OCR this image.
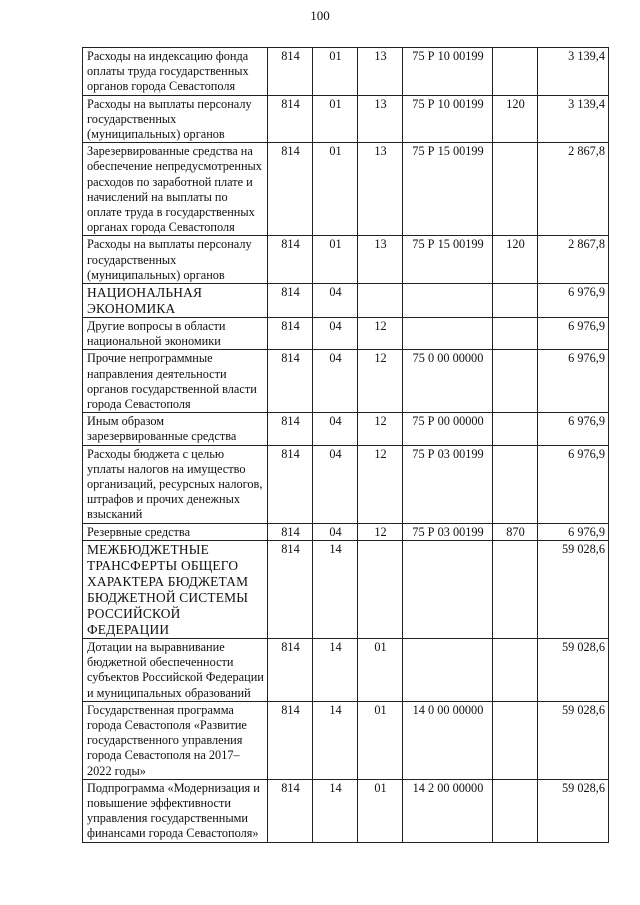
100
Расходы на индексацию фонда оплаты труда государственных органов города Севастополя	814	01	13	75 Р 10 00199		3 139,4
Расходы на выплаты персоналу государственных (муниципальных) органов	814	01	13	75 Р 10 00199	120	3 139,4
Зарезервированные средства на обеспечение непредусмотренных расходов по заработной плате и начислений на выплаты по оплате труда в государственных органах города Севастополя	814	01	13	75 Р 15 00199		2 867,8
Расходы на выплаты персоналу государственных (муниципальных) органов	814	01	13	75 Р 15 00199	120	2 867,8
НАЦИОНАЛЬНАЯ ЭКОНОМИКА	814	04				6 976,9
Другие вопросы в области национальной экономики	814	04	12			6 976,9
Прочие непрограммные направления деятельности органов государственной власти города Севастополя	814	04	12	75 0 00 00000		6 976,9
Иным образом зарезервированные средства	814	04	12	75 Р 00 00000		6 976,9
Расходы бюджета с целью уплаты налогов на имущество организаций, ресурсных налогов, штрафов и прочих денежных взысканий	814	04	12	75 Р 03 00199		6 976,9
Резервные средства	814	04	12	75 Р 03 00199	870	6 976,9
МЕЖБЮДЖЕТНЫЕ ТРАНСФЕРТЫ ОБЩЕГО ХАРАКТЕРА БЮДЖЕТАМ БЮДЖЕТНОЙ СИСТЕМЫ РОССИЙСКОЙ ФЕДЕРАЦИИ	814	14				59 028,6
Дотации на выравнивание бюджетной обеспеченности субъектов Российской Федерации и муниципальных образований	814	14	01			59 028,6
Государственная программа города Севастополя «Развитие государственного управления города Севастополя на 2017–2022 годы»	814	14	01	14 0 00 00000		59 028,6
Подпрограмма «Модернизация и повышение эффективности управления государственными финансами города Севастополя»	814	14	01	14 2 00 00000		59 028,6
